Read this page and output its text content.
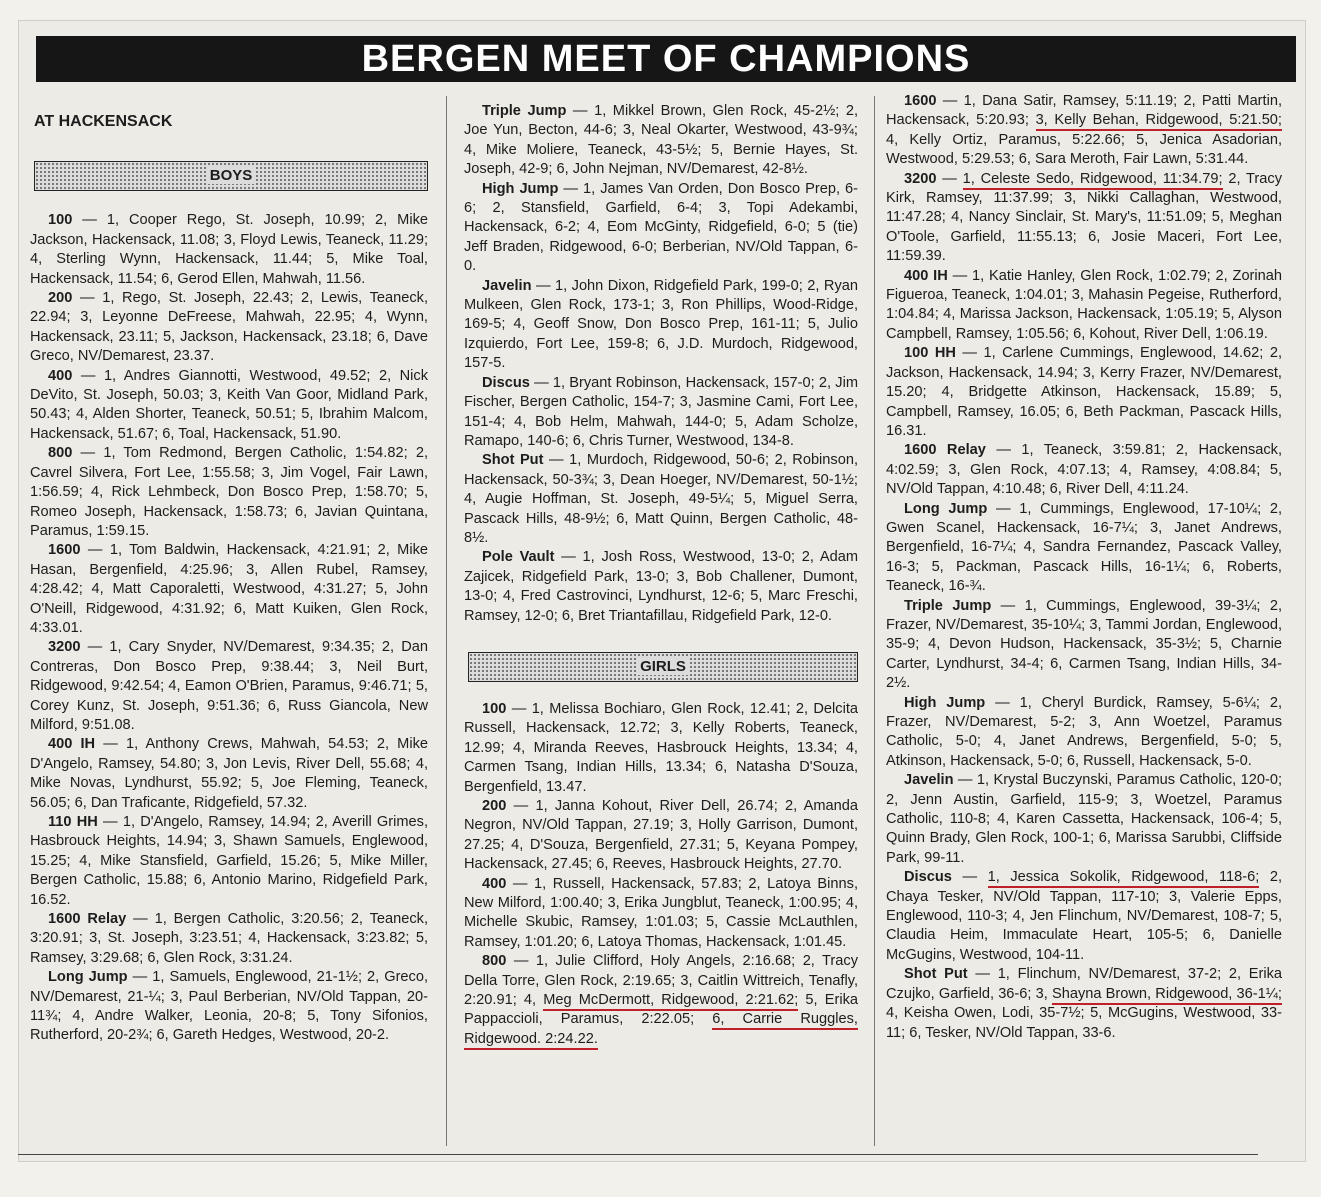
BERGEN MEET OF CHAMPIONS
AT HACKENSACK
BOYS

100 — 1, Cooper Rego, St. Joseph, 10.99; 2, Mike Jackson, Hackensack, 11.08; 3, Floyd Lewis, Teaneck, 11.29; 4, Sterling Wynn, Hackensack, 11.44; 5, Mike Toal, Hackensack, 11.54; 6, Gerod Ellen, Mahwah, 11.56.

200 — 1, Rego, St. Joseph, 22.43; 2, Lewis, Teaneck, 22.94; 3, Leyonne DeFreese, Mahwah, 22.95; 4, Wynn, Hackensack, 23.11; 5, Jackson, Hackensack, 23.18; 6, Dave Greco, NV/Demarest, 23.37.

400 — 1, Andres Giannotti, Westwood, 49.52; 2, Nick DeVito, St. Joseph, 50.03; 3, Keith Van Goor, Midland Park, 50.43; 4, Alden Shorter, Teaneck, 50.51; 5, Ibrahim Malcom, Hackensack, 51.67; 6, Toal, Hackensack, 51.90.

800 — 1, Tom Redmond, Bergen Catholic, 1:54.82; 2, Cavrel Silvera, Fort Lee, 1:55.58; 3, Jim Vogel, Fair Lawn, 1:56.59; 4, Rick Lehmbeck, Don Bosco Prep, 1:58.70; 5, Romeo Joseph, Hackensack, 1:58.73; 6, Javian Quintana, Paramus, 1:59.15.

1600 — 1, Tom Baldwin, Hackensack, 4:21.91; 2, Mike Hasan, Bergenfield, 4:25.96; 3, Allen Rubel, Ramsey, 4:28.42; 4, Matt Caporaletti, Westwood, 4:31.27; 5, John O'Neill, Ridgewood, 4:31.92; 6, Matt Kuiken, Glen Rock, 4:33.01.

3200 — 1, Cary Snyder, NV/Demarest, 9:34.35; 2, Dan Contreras, Don Bosco Prep, 9:38.44; 3, Neil Burt, Ridgewood, 9:42.54; 4, Eamon O'Brien, Paramus, 9:46.71; 5, Corey Kunz, St. Joseph, 9:51.36; 6, Russ Giancola, New Milford, 9:51.08.

400 IH — 1, Anthony Crews, Mahwah, 54.53; 2, Mike D'Angelo, Ramsey, 54.80; 3, Jon Levis, River Dell, 55.68; 4, Mike Novas, Lyndhurst, 55.92; 5, Joe Fleming, Teaneck, 56.05; 6, Dan Traficante, Ridgefield, 57.32.

110 HH — 1, D'Angelo, Ramsey, 14.94; 2, Averill Grimes, Hasbrouck Heights, 14.94; 3, Shawn Samuels, Englewood, 15.25; 4, Mike Stansfield, Garfield, 15.26; 5, Mike Miller, Bergen Catholic, 15.88; 6, Antonio Marino, Ridgefield Park, 16.52.

1600 Relay — 1, Bergen Catholic, 3:20.56; 2, Teaneck, 3:20.91; 3, St. Joseph, 3:23.51; 4, Hackensack, 3:23.82; 5, Ramsey, 3:29.68; 6, Glen Rock, 3:31.24.

Long Jump — 1, Samuels, Englewood, 21-1½; 2, Greco, NV/Demarest, 21-¼; 3, Paul Berberian, NV/Old Tappan, 20-11¾; 4, Andre Walker, Leonia, 20-8; 5, Tony Sifonios, Rutherford, 20-2¾; 6, Gareth Hedges, Westwood, 20-2.

Triple Jump — 1, Mikkel Brown, Glen Rock, 45-2½; 2, Joe Yun, Becton, 44-6; 3, Neal Okarter, Westwood, 43-9¾; 4, Mike Moliere, Teaneck, 43-5½; 5, Bernie Hayes, St. Joseph, 42-9; 6, John Nejman, NV/Demarest, 42-8½.

High Jump — 1, James Van Orden, Don Bosco Prep, 6-6; 2, Stansfield, Garfield, 6-4; 3, Topi Adekambi, Hackensack, 6-2; 4, Eom McGinty, Ridgefield, 6-0; 5 (tie) Jeff Braden, Ridgewood, 6-0; Berberian, NV/Old Tappan, 6-0.

Javelin — 1, John Dixon, Ridgefield Park, 199-0; 2, Ryan Mulkeen, Glen Rock, 173-1; 3, Ron Phillips, Wood-Ridge, 169-5; 4, Geoff Snow, Don Bosco Prep, 161-11; 5, Julio Izquierdo, Fort Lee, 159-8; 6, J.D. Murdoch, Ridgewood, 157-5.

Discus — 1, Bryant Robinson, Hackensack, 157-0; 2, Jim Fischer, Bergen Catholic, 154-7; 3, Jasmine Cami, Fort Lee, 151-4; 4, Bob Helm, Mahwah, 144-0; 5, Adam Scholze, Ramapo, 140-6; 6, Chris Turner, Westwood, 134-8.

Shot Put — 1, Murdoch, Ridgewood, 50-6; 2, Robinson, Hackensack, 50-3¾; 3, Dean Hoeger, NV/Demarest, 50-1½; 4, Augie Hoffman, St. Joseph, 49-5¼; 5, Miguel Serra, Pascack Hills, 48-9½; 6, Matt Quinn, Bergen Catholic, 48-8½.

Pole Vault — 1, Josh Ross, Westwood, 13-0; 2, Adam Zajicek, Ridgefield Park, 13-0; 3, Bob Challener, Dumont, 13-0; 4, Fred Castrovinci, Lyndhurst, 12-6; 5, Marc Freschi, Ramsey, 12-0; 6, Bret Triantafillau, Ridgefield Park, 12-0.

GIRLS

100 — 1, Melissa Bochiaro, Glen Rock, 12.41; 2, Delcita Russell, Hackensack, 12.72; 3, Kelly Roberts, Teaneck, 12.99; 4, Miranda Reeves, Hasbrouck Heights, 13.34; 4, Carmen Tsang, Indian Hills, 13.34; 6, Natasha D'Souza, Bergenfield, 13.47.

200 — 1, Janna Kohout, River Dell, 26.74; 2, Amanda Negron, NV/Old Tappan, 27.19; 3, Holly Garrison, Dumont, 27.25; 4, D'Souza, Bergenfield, 27.31; 5, Keyana Pompey, Hackensack, 27.45; 6, Reeves, Hasbrouck Heights, 27.70.

400 — 1, Russell, Hackensack, 57.83; 2, Latoya Binns, New Milford, 1:00.40; 3, Erika Jungblut, Teaneck, 1:00.95; 4, Michelle Skubic, Ramsey, 1:01.03; 5, Cassie McLauthlen, Ramsey, 1:01.20; 6, Latoya Thomas, Hackensack, 1:01.45.

800 — 1, Julie Clifford, Holy Angels, 2:16.68; 2, Tracy Della Torre, Glen Rock, 2:19.65; 3, Caitlin Wittreich, Tenafly, 2:20.91; 4, Meg McDermott, Ridgewood, 2:21.62; 5, Erika Pappaccioli, Paramus, 2:22.05; 6, Carrie Ruggles, Ridgewood. 2:24.22.

1600 — 1, Dana Satir, Ramsey, 5:11.19; 2, Patti Martin, Hackensack, 5:20.93; 3, Kelly Behan, Ridgewood, 5:21.50; 4, Kelly Ortiz, Paramus, 5:22.66; 5, Jenica Asadorian, Westwood, 5:29.53; 6, Sara Meroth, Fair Lawn, 5:31.44.

3200 — 1, Celeste Sedo, Ridgewood, 11:34.79; 2, Tracy Kirk, Ramsey, 11:37.99; 3, Nikki Callaghan, Westwood, 11:47.28; 4, Nancy Sinclair, St. Mary's, 11:51.09; 5, Meghan O'Toole, Garfield, 11:55.13; 6, Josie Maceri, Fort Lee, 11:59.39.

400 IH — 1, Katie Hanley, Glen Rock, 1:02.79; 2, Zorinah Figueroa, Teaneck, 1:04.01; 3, Mahasin Pegeise, Rutherford, 1:04.84; 4, Marissa Jackson, Hackensack, 1:05.19; 5, Alyson Campbell, Ramsey, 1:05.56; 6, Kohout, River Dell, 1:06.19.

100 HH — 1, Carlene Cummings, Englewood, 14.62; 2, Jackson, Hackensack, 14.94; 3, Kerry Frazer, NV/Demarest, 15.20; 4, Bridgette Atkinson, Hackensack, 15.89; 5, Campbell, Ramsey, 16.05; 6, Beth Packman, Pascack Hills, 16.31.

1600 Relay — 1, Teaneck, 3:59.81; 2, Hackensack, 4:02.59; 3, Glen Rock, 4:07.13; 4, Ramsey, 4:08.84; 5, NV/Old Tappan, 4:10.48; 6, River Dell, 4:11.24.

Long Jump — 1, Cummings, Englewood, 17-10¼; 2, Gwen Scanel, Hackensack, 16-7¼; 3, Janet Andrews, Bergenfield, 16-7¼; 4, Sandra Fernandez, Pascack Valley, 16-3; 5, Packman, Pascack Hills, 16-1¼; 6, Roberts, Teaneck, 16-¾.

Triple Jump — 1, Cummings, Englewood, 39-3¼; 2, Frazer, NV/Demarest, 35-10¼; 3, Tammi Jordan, Englewood, 35-9; 4, Devon Hudson, Hackensack, 35-3½; 5, Charnie Carter, Lyndhurst, 34-4; 6, Carmen Tsang, Indian Hills, 34-2½.

High Jump — 1, Cheryl Burdick, Ramsey, 5-6¼; 2, Frazer, NV/Demarest, 5-2; 3, Ann Woetzel, Paramus Catholic, 5-0; 4, Janet Andrews, Bergenfield, 5-0; 5, Atkinson, Hackensack, 5-0; 6, Russell, Hackensack, 5-0.

Javelin — 1, Krystal Buczynski, Paramus Catholic, 120-0; 2, Jenn Austin, Garfield, 115-9; 3, Woetzel, Paramus Catholic, 110-8; 4, Karen Cassetta, Hackensack, 106-4; 5, Quinn Brady, Glen Rock, 100-1; 6, Marissa Sarubbi, Cliffside Park, 99-11.

Discus — 1, Jessica Sokolik, Ridgewood, 118-6; 2, Chaya Tesker, NV/Old Tappan, 117-10; 3, Valerie Epps, Englewood, 110-3; 4, Jen Flinchum, NV/Demarest, 108-7; 5, Claudia Heim, Immaculate Heart, 105-5; 6, Danielle McGugins, Westwood, 104-11.

Shot Put — 1, Flinchum, NV/Demarest, 37-2; 2, Erika Czujko, Garfield, 36-6; 3, Shayna Brown, Ridgewood, 36-1¼; 4, Keisha Owen, Lodi, 35-7½; 5, McGugins, Westwood, 33-11; 6, Tesker, NV/Old Tappan, 33-6.
